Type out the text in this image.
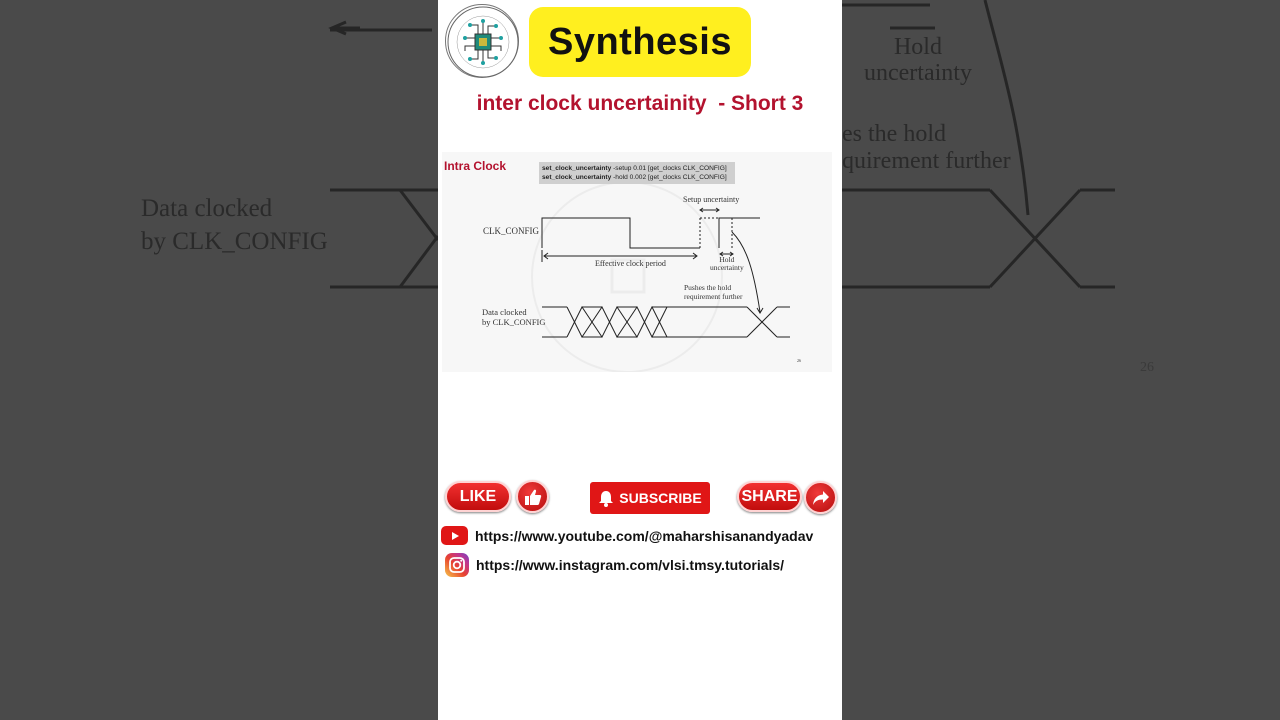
Data clocked
by CLK_CONFIG
Hold
uncertainty
es the hold
quirement further
26
Synthesis
inter clock uncertainity  - Short 3
Intra Clock	set_clock_uncertainty -setup 0.01 [get_clocks CLK_CONFIG]
set_clock_uncertainty -hold 0.002 [get_clocks CLK_CONFIG]
CLK_CONFIG
Setup uncertainty
Effective clock period	Hold
uncertainty
Pushes the hold
requirement further
Data clocked
by CLK_CONFIG
26
LIKE	SUBSCRIBE SHARE
https://www.youtube.com/@maharshisanandyadav
https://www.instagram.com/vlsi.tmsy.tutorials/
